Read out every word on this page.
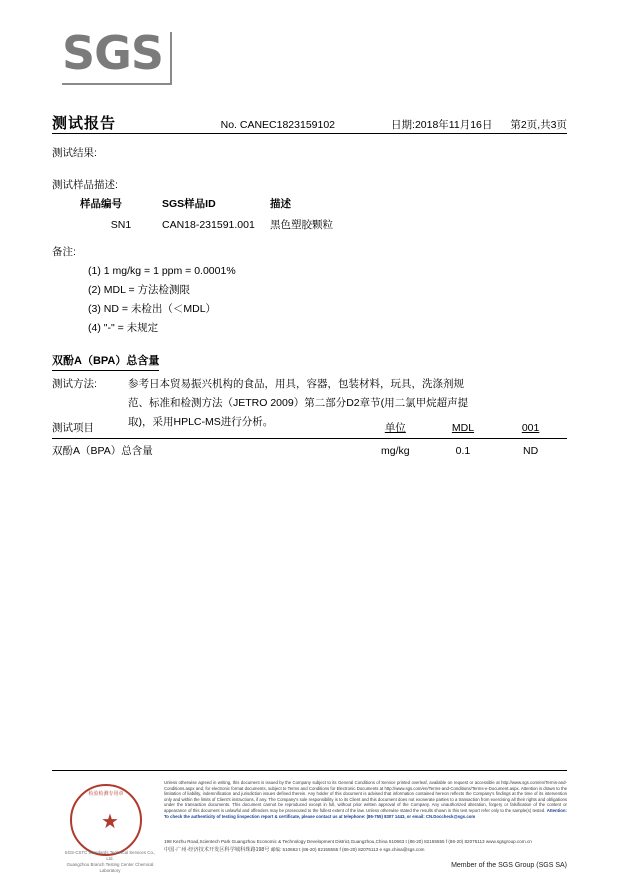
SGS
测试报告	No. CANEC1823159102	日期:2018年11月16日 第2页,共3页
测试结果:
测试样品描述:
样品编号	SGS样品ID	描述
SN1	CAN18-231591.001	黑色塑胶颗粒
备注:
(1) 1 mg/kg = 1 ppm = 0.0001%
(2) MDL = 方法检测限
(3) ND = 未检出（＜MDL）
(4) "-" = 未规定
双酚A（BPA）总含量
测试方法:	参考日本贸易振兴机构的食品，用具，容器，包装材料，玩具，洗涤剂规范、标准和检测方法（JETRO 2009）第二部分D2章节(用二氯甲烷超声提取)，采用HPLC-MS进行分析。
测试项目	单位	MDL	001
双酚A（BPA）总含量	mg/kg	0.1	ND
★
检验检测专用章
SGS-CSTC Standards Technical Services Co., Ltd.
Guangzhou Branch Testing Center Chemical Laboratory
Unless otherwise agreed in writing, this document is issued by the Company subject to its General Conditions of Service printed overleaf, available on request or accessible at http://www.sgs.com/en/Terms-and-Conditions.aspx and, for electronic format documents, subject to Terms and Conditions for Electronic Documents at http://www.sgs.com/en/Terms-and-Conditions/Terms-e-Document.aspx. Attention is drawn to the limitation of liability, indemnification and jurisdiction issues defined therein. Any holder of this document is advised that information contained hereon reflects the Company's findings at the time of its intervention only and within the limits of Client's instructions, if any. The Company's sole responsibility is to its Client and this document does not exonerate parties to a transaction from exercising all their rights and obligations under the transaction documents. This document cannot be reproduced except in full, without prior written approval of the Company. Any unauthorized alteration, forgery or falsification of the content or appearance of this document is unlawful and offenders may be prosecuted to the fullest extent of the law. Unless otherwise stated the results shown in this test report refer only to the sample(s) tested. Attention: To check the authenticity of testing /inspection report & certificate, please contact us at telephone: (86-755) 8307 1443, or email: CN.Doccheck@sgs.com
198 Kezhu Road,Scientech Park Guangzhou Economic & Technology Development District,Guangzhou,China 510663 t (86-20) 82155555 f (86-20) 82075113 www.sgsgroup.com.cn
中国·广州·经济技术开发区科学城科珠路198号 邮编: 510663 t (86-20) 82155555 f (86-20) 82075113 e sgs.china@sgs.com
Member of the SGS Group (SGS SA)
